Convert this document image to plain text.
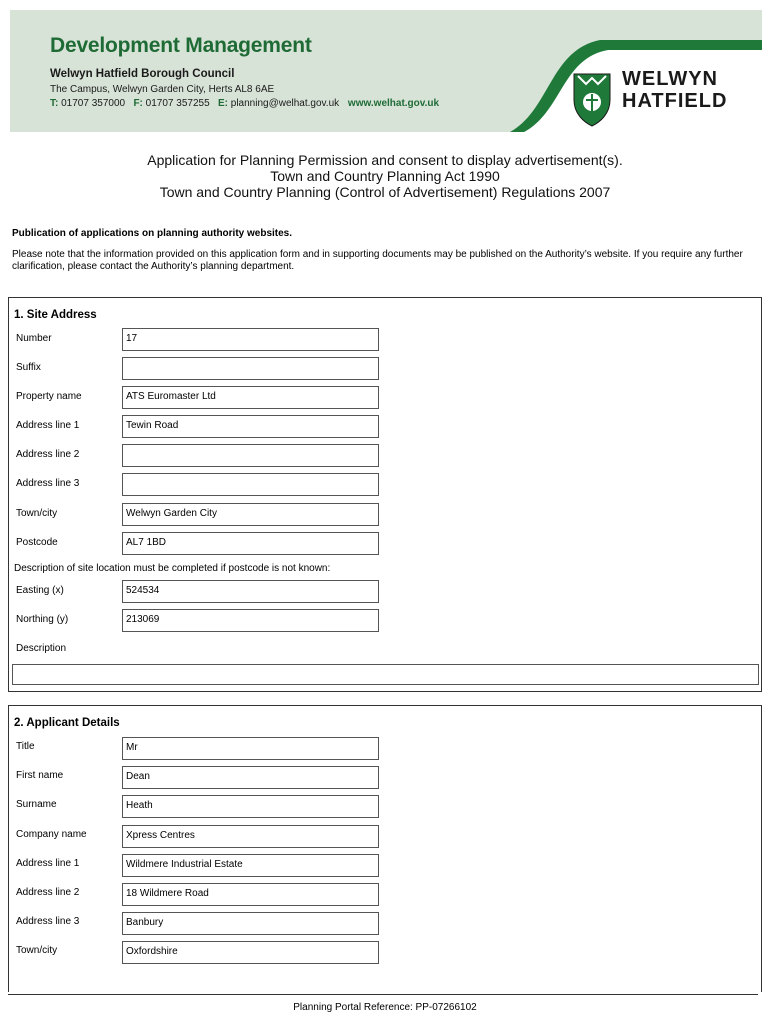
Development Management
Welwyn Hatfield Borough Council
The Campus, Welwyn Garden City, Herts AL8 6AE
T: 01707 357000 F: 01707 357255 E: planning@welhat.gov.uk www.welhat.gov.uk
WELWYN
HATFIELD
Application for Planning Permission and consent to display advertisement(s).
Town and Country Planning Act 1990
Town and Country Planning (Control of Advertisement) Regulations 2007
Publication of applications on planning authority websites.
Please note that the information provided on this application form and in supporting documents may be published on the Authority’s website. If you require any further clarification, please contact the Authority’s planning department.
1. Site Address
Number	17
Suffix
Property name	ATS Euromaster Ltd
Address line 1	Tewin Road
Address line 2
Address line 3
Town/city	Welwyn Garden City
Postcode	AL7 1BD
Description of site location must be completed if postcode is not known:
Easting (x)	524534
Northing (y)	213069
Description
2. Applicant Details
Title	Mr
First name	Dean
Surname	Heath
Company name	Xpress Centres
Address line 1	Wildmere Industrial Estate
Address line 2	18 Wildmere Road
Address line 3	Banbury
Town/city	Oxfordshire
Planning Portal Reference: PP-07266102
